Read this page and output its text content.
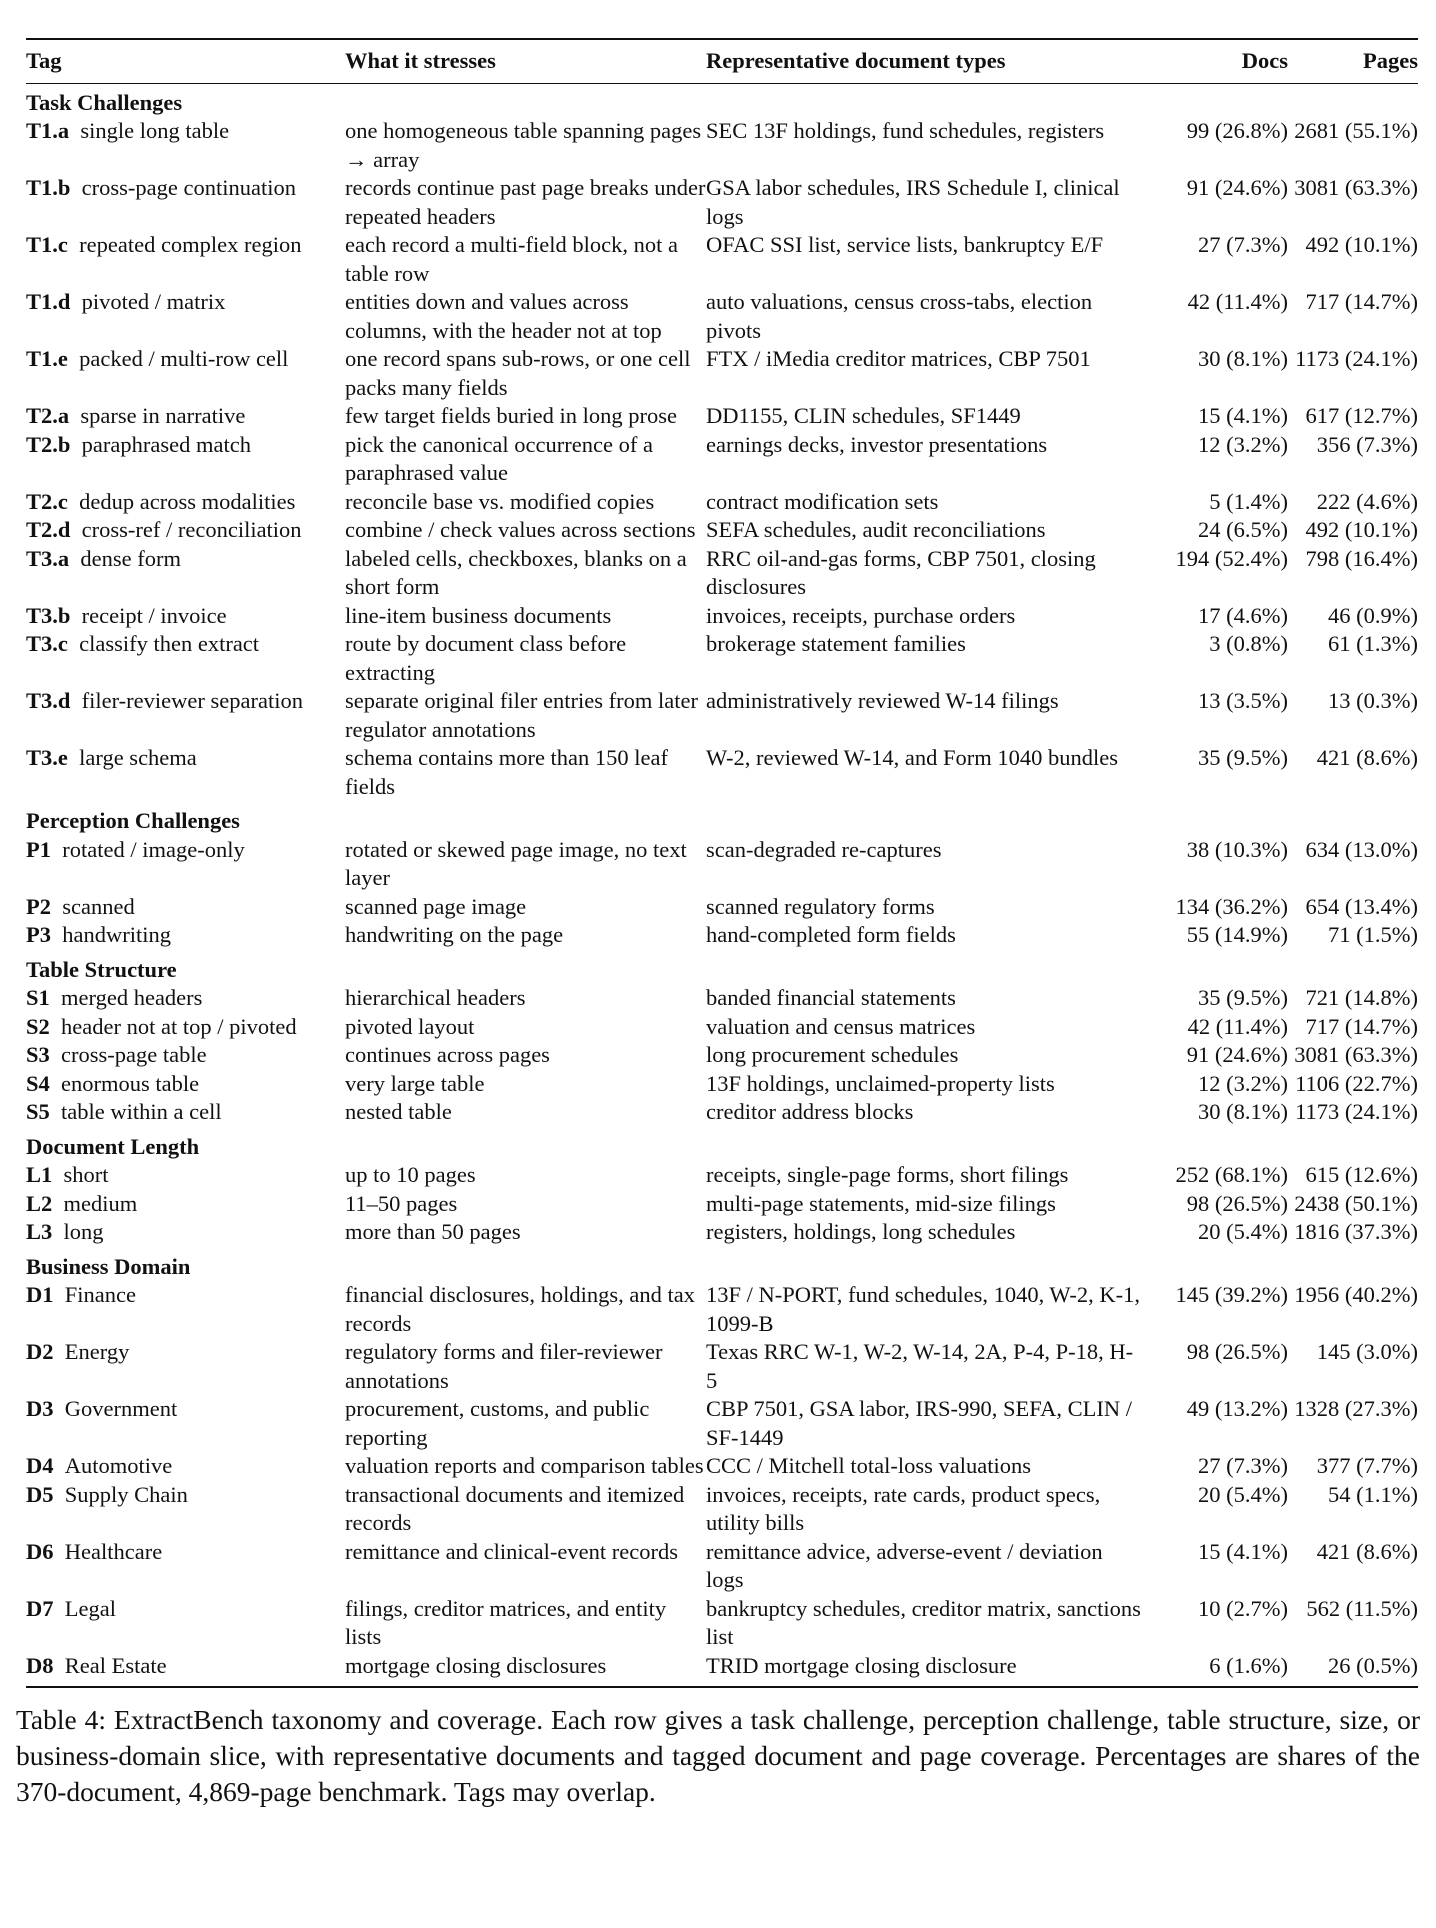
Tag	What it stresses	Representative document types	Docs	Pages
Task Challenges				
T1.a  single long table	one homogeneous table spanning pages → array	SEC 13F holdings, fund schedules, registers	99 (26.8%)	2681 (55.1%)
T1.b  cross-page continuation	records continue past page breaks under repeated headers	GSA labor schedules, IRS Schedule I, clinical logs	91 (24.6%)	3081 (63.3%)
T1.c  repeated complex region	each record a multi-field block, not a table row	OFAC SSI list, service lists, bankruptcy E/F	27 (7.3%)	492 (10.1%)
T1.d  pivoted / matrix	entities down and values across columns, with the header not at top	auto valuations, census cross-tabs, election pivots	42 (11.4%)	717 (14.7%)
T1.e  packed / multi-row cell	one record spans sub-rows, or one cell packs many fields	FTX / iMedia creditor matrices, CBP 7501	30 (8.1%)	1173 (24.1%)
T2.a  sparse in narrative	few target fields buried in long prose	DD1155, CLIN schedules, SF1449	15 (4.1%)	617 (12.7%)
T2.b  paraphrased match	pick the canonical occurrence of a paraphrased value	earnings decks, investor presentations	12 (3.2%)	356 (7.3%)
T2.c  dedup across modalities	reconcile base vs. modified copies	contract modification sets	5 (1.4%)	222 (4.6%)
T2.d  cross-ref / reconciliation	combine / check values across sections	SEFA schedules, audit reconciliations	24 (6.5%)	492 (10.1%)
T3.a  dense form	labeled cells, checkboxes, blanks on a short form	RRC oil-and-gas forms, CBP 7501, closing disclosures	194 (52.4%)	798 (16.4%)
T3.b  receipt / invoice	line-item business documents	invoices, receipts, purchase orders	17 (4.6%)	46 (0.9%)
T3.c  classify then extract	route by document class before extracting	brokerage statement families	3 (0.8%)	61 (1.3%)
T3.d  filer-reviewer separation	separate original filer entries from later regulator annotations	administratively reviewed W-14 filings	13 (3.5%)	13 (0.3%)
T3.e  large schema	schema contains more than 150 leaf fields	W-2, reviewed W-14, and Form 1040 bundles	35 (9.5%)	421 (8.6%)
Perception Challenges				
P1  rotated / image-only	rotated or skewed page image, no text layer	scan-degraded re-captures	38 (10.3%)	634 (13.0%)
P2  scanned	scanned page image	scanned regulatory forms	134 (36.2%)	654 (13.4%)
P3  handwriting	handwriting on the page	hand-completed form fields	55 (14.9%)	71 (1.5%)
Table Structure				
S1  merged headers	hierarchical headers	banded financial statements	35 (9.5%)	721 (14.8%)
S2  header not at top / pivoted	pivoted layout	valuation and census matrices	42 (11.4%)	717 (14.7%)
S3  cross-page table	continues across pages	long procurement schedules	91 (24.6%)	3081 (63.3%)
S4  enormous table	very large table	13F holdings, unclaimed-property lists	12 (3.2%)	1106 (22.7%)
S5  table within a cell	nested table	creditor address blocks	30 (8.1%)	1173 (24.1%)
Document Length				
L1  short	up to 10 pages	receipts, single-page forms, short filings	252 (68.1%)	615 (12.6%)
L2  medium	11–50 pages	multi-page statements, mid-size filings	98 (26.5%)	2438 (50.1%)
L3  long	more than 50 pages	registers, holdings, long schedules	20 (5.4%)	1816 (37.3%)
Business Domain				
D1  Finance	financial disclosures, holdings, and tax records	13F / N-PORT, fund schedules, 1040, W-2, K-1, 1099-B	145 (39.2%)	1956 (40.2%)
D2  Energy	regulatory forms and filer-reviewer annotations	Texas RRC W-1, W-2, W-14, 2A, P-4, P-18, H-5	98 (26.5%)	145 (3.0%)
D3  Government	procurement, customs, and public reporting	CBP 7501, GSA labor, IRS-990, SEFA, CLIN / SF-1449	49 (13.2%)	1328 (27.3%)
D4  Automotive	valuation reports and comparison tables	CCC / Mitchell total-loss valuations	27 (7.3%)	377 (7.7%)
D5  Supply Chain	transactional documents and itemized records	invoices, receipts, rate cards, product specs, utility bills	20 (5.4%)	54 (1.1%)
D6  Healthcare	remittance and clinical-event records	remittance advice, adverse-event / deviation logs	15 (4.1%)	421 (8.6%)
D7  Legal	filings, creditor matrices, and entity lists	bankruptcy schedules, creditor matrix, sanctions list	10 (2.7%)	562 (11.5%)
D8  Real Estate	mortgage closing disclosures	TRID mortgage closing disclosure	6 (1.6%)	26 (0.5%)
Table 4: ExtractBench taxonomy and coverage. Each row gives a task challenge, perception challenge, table structure, size, or business-domain slice, with representative documents and tagged document and page coverage. Percentages are shares of the 370-document, 4,869-page benchmark. Tags may overlap.
